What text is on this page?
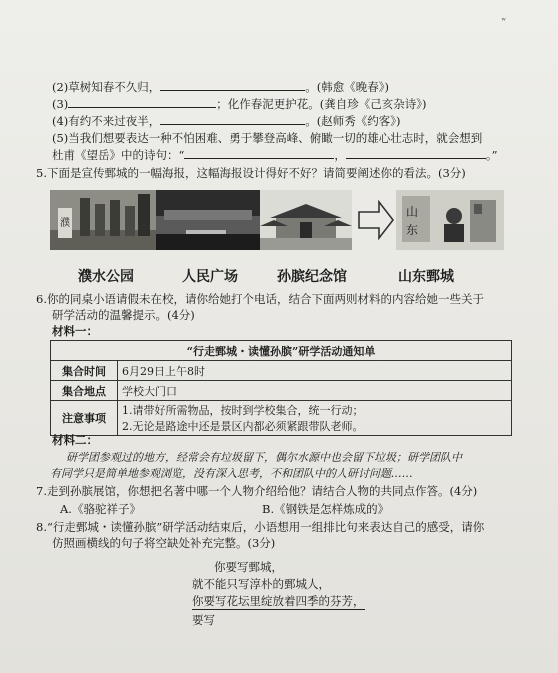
ʷ
(2)草树知春不久归，	。(韩愈《晚春》)
(3)	；化作春泥更护花。(龚自珍《己亥杂诗》)
(4)有约不来过夜半，	。(赵师秀《约客》)
(5)当我们想要表达一种不怕困难、勇于攀登高峰、俯瞰一切的雄心壮志时，就会想到
杜甫《望岳》中的诗句：“	，	。”
5.下面是宣传鄄城的一幅海报，这幅海报设计得好不好？请简要阐述你的看法。(3分)
濮
山
东
濮水公园	人民广场	孙膑纪念馆	山东鄄城
6.你的同桌小语请假未在校，请你给她打个电话，结合下面两则材料的内容给她一些关于
研学活动的温馨提示。(4分)
材料一：
“行走鄄城・读懂孙膑”研学活动通知单	
集合时间	6月29日上午8时
集合地点	学校大门口
注意事项	1.请带好所需物品，按时到学校集合，统一行动；
2.无论是路途中还是景区内都必须紧跟带队老师。
材料二：
研学团参观过的地方，经常会有垃圾留下，偶尔水源中也会留下垃圾；研学团队中
有同学只是简单地参观浏览，没有深入思考，不和团队中的人研讨问题……
7.走到孙膑展馆，你想把名著中哪一个人物介绍给他？请结合人物的共同点作答。(4分)
A.《骆驼祥子》	B.《钢铁是怎样炼成的》
8.“行走鄄城・读懂孙膑”研学活动结束后，小语想用一组排比句来表达自己的感受，请你
仿照画横线的句子将空缺处补充完整。(3分)
你要写鄄城，
就不能只写淳朴的鄄城人，
你要写花坛里绽放着四季的芬芳，
要写
